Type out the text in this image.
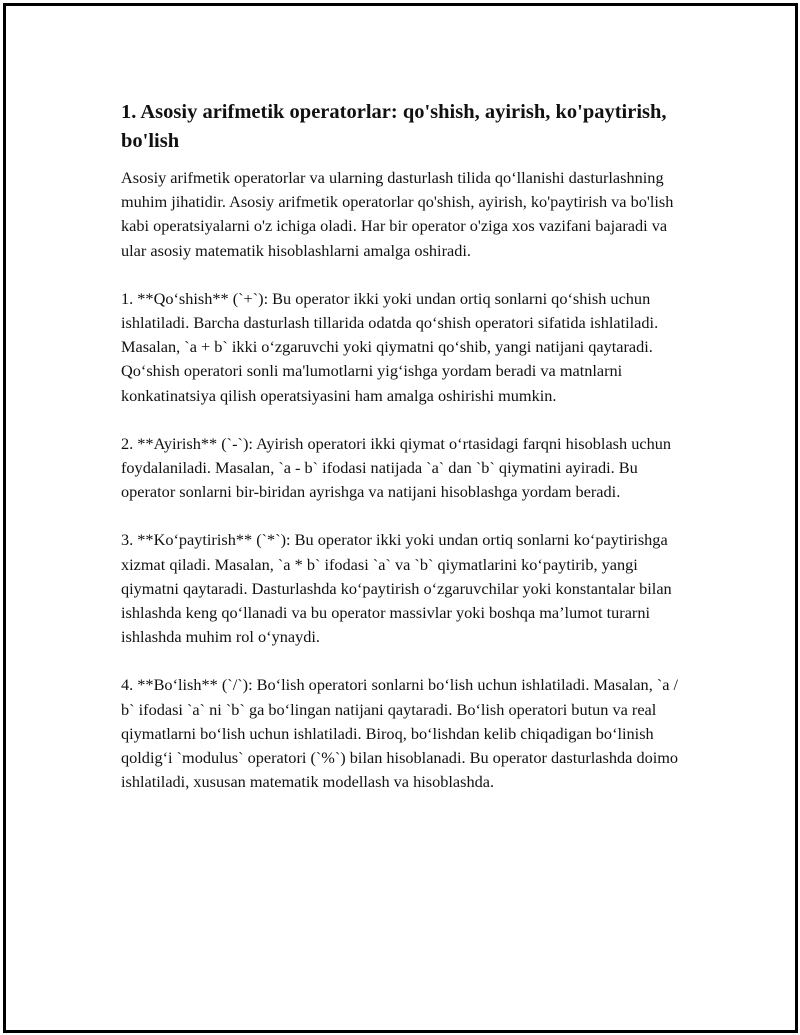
1. Asosiy arifmetik operatorlar: qo'shish, ayirish, ko'paytirish, bo'lish

Asosiy arifmetik operatorlar va ularning dasturlash tilida qo‘llanishi dasturlashning muhim jihatidir. Asosiy arifmetik operatorlar qo'shish, ayirish, ko'paytirish va bo'lish kabi operatsiyalarni o'z ichiga oladi. Har bir operator o'ziga xos vazifani bajaradi va ular asosiy matematik hisoblashlarni amalga oshiradi.

1. **Qo‘shish** (`+`): Bu operator ikki yoki undan ortiq sonlarni qo‘shish uchun ishlatiladi. Barcha dasturlash tillarida odatda qo‘shish operatori sifatida ishlatiladi. Masalan, `a + b` ikki o‘zgaruvchi yoki qiymatni qo‘shib, yangi natijani qaytaradi. Qo‘shish operatori sonli ma'lumotlarni yig‘ishga yordam beradi va matnlarni konkatinatsiya qilish operatsiyasini ham amalga oshirishi mumkin.

2. **Ayirish** (`-`): Ayirish operatori ikki qiymat o‘rtasidagi farqni hisoblash uchun foydalaniladi. Masalan, `a - b` ifodasi natijada `a` dan `b` qiymatini ayiradi. Bu operator sonlarni bir-biridan ayrishga va natijani hisoblashga yordam beradi.

3. **Ko‘paytirish** (`*`): Bu operator ikki yoki undan ortiq sonlarni ko‘paytirishga xizmat qiladi. Masalan, `a * b` ifodasi `a` va `b` qiymatlarini ko‘paytirib, yangi qiymatni qaytaradi. Dasturlashda ko‘paytirish o‘zgaruvchilar yoki konstantalar bilan ishlashda keng qo‘llanadi va bu operator massivlar yoki boshqa ma’lumot turarni ishlashda muhim rol o‘ynaydi.

4. **Bo‘lish** (`/`): Bo‘lish operatori sonlarni bo‘lish uchun ishlatiladi. Masalan, `a / b` ifodasi `a` ni `b` ga bo‘lingan natijani qaytaradi. Bo‘lish operatori butun va real qiymatlarni bo‘lish uchun ishlatiladi. Biroq, bo‘lishdan kelib chiqadigan bo‘linish qoldig‘i `modulus` operatori (`%`) bilan hisoblanadi. Bu operator dasturlashda doimo ishlatiladi, xususan matematik modellash va hisoblashda.
